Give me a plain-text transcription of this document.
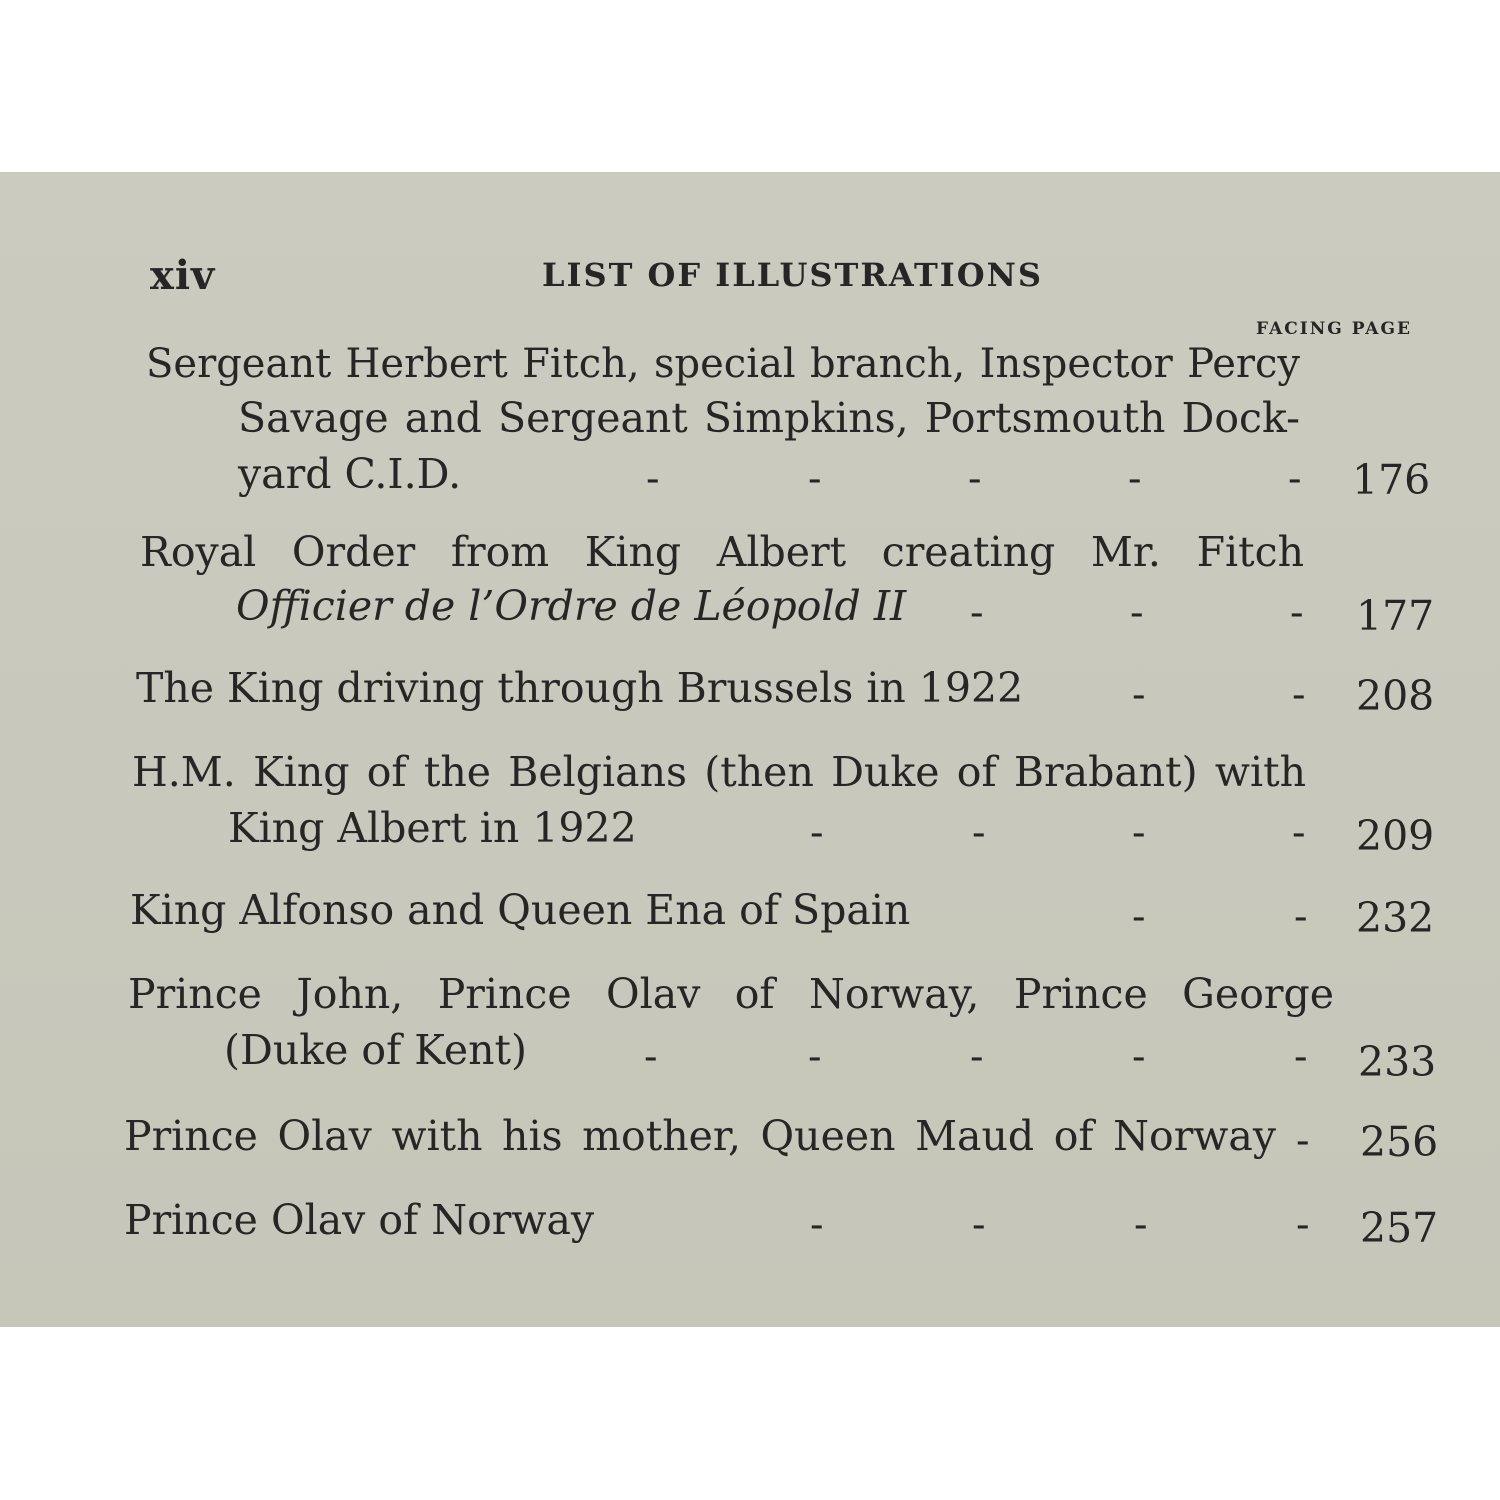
xiv	LIST OF ILLUSTRATIONS
FACING PAGE
Sergeant Herbert Fitch, special branch, Inspector Percy
Savage and Sergeant Simpkins, Portsmouth Dock-
yard C.I.D.	-	-	-	-	- 176
Royal Order from King Albert creating Mr. Fitch
Officier de l’Ordre de Léopold II -	-	- 177
The King driving through Brussels in 1922	-	- 208
H.M. King of the Belgians (then Duke of Brabant) with
King Albert in 1922	-	-	-	- 209
King Alfonso and Queen Ena of Spain	-	- 232
Prince John, Prince Olav of Norway, Prince George
(Duke of Kent)	-	-	-	-	- 233
Prince Olav with his mother, Queen Maud of Norway - 256
Prince Olav of Norway	-	-	-	- 257
